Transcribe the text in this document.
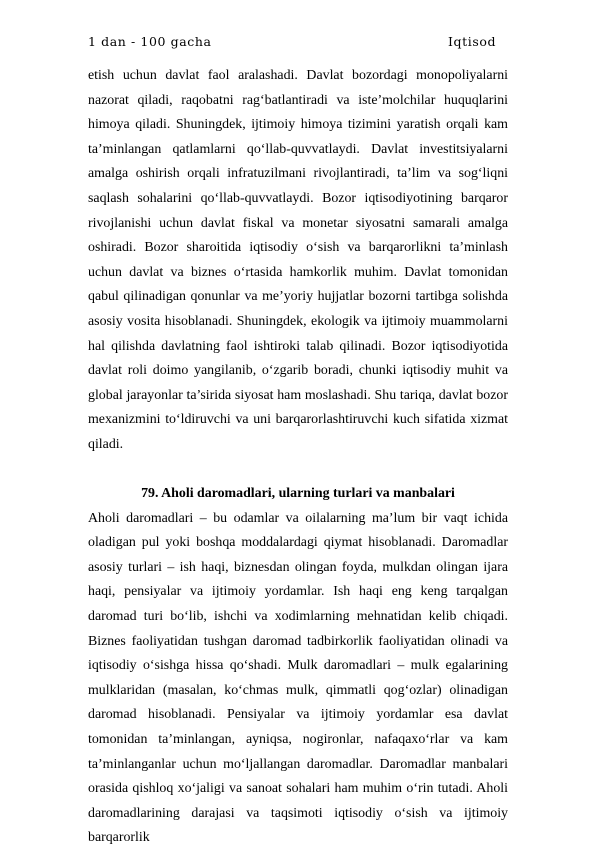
1 dan - 100 gacha	Iqtisod

etish uchun davlat faol aralashadi. Davlat bozordagi monopoliyalarni nazorat qiladi, raqobatni rag‘batlantiradi va iste’molchilar huquqlarini himoya qiladi. Shuningdek, ijtimoiy himoya tizimini yaratish orqali kam ta’minlangan qatlamlarni qo‘llab-quvvatlaydi. Davlat investitsiyalarni amalga oshirish orqali infratuzilmani rivojlantiradi, ta’lim va sog‘liqni saqlash sohalarini qo‘llab-quvvatlaydi. Bozor iqtisodiyotining barqaror rivojlanishi uchun davlat fiskal va monetar siyosatni samarali amalga oshiradi. Bozor sharoitida iqtisodiy o‘sish va barqarorlikni ta’minlash uchun davlat va biznes o‘rtasida hamkorlik muhim. Davlat tomonidan qabul qilinadigan qonunlar va me’yoriy hujjatlar bozorni tartibga solishda asosiy vosita hisoblanadi. Shuningdek, ekologik va ijtimoiy muammolarni hal qilishda davlatning faol ishtiroki talab qilinadi. Bozor iqtisodiyotida davlat roli doimo yangilanib, o‘zgarib boradi, chunki iqtisodiy muhit va global jarayonlar ta’sirida siyosat ham moslashadi. Shu tariqa, davlat bozor mexanizmini to‘ldiruvchi va uni barqarorlashtiruvchi kuch sifatida xizmat qiladi.

79. Aholi daromadlari, ularning turlari va manbalari

Aholi daromadlari – bu odamlar va oilalarning ma’lum bir vaqt ichida oladigan pul yoki boshqa moddalardagi qiymat hisoblanadi. Daromadlar asosiy turlari – ish haqi, biznesdan olingan foyda, mulkdan olingan ijara haqi, pensiyalar va ijtimoiy yordamlar. Ish haqi eng keng tarqalgan daromad turi bo‘lib, ishchi va xodimlarning mehnatidan kelib chiqadi. Biznes faoliyatidan tushgan daromad tadbirkorlik faoliyatidan olinadi va iqtisodiy o‘sishga hissa qo‘shadi. Mulk daromadlari – mulk egalarining mulklaridan (masalan, ko‘chmas mulk, qimmatli qog‘ozlar) olinadigan daromad hisoblanadi. Pensiyalar va ijtimoiy yordamlar esa davlat tomonidan ta’minlangan, ayniqsa, nogironlar, nafaqaxo‘rlar va kam ta’minlanganlar uchun mo‘ljallangan daromadlar. Daromadlar manbalari orasida qishloq xo‘jaligi va sanoat sohalari ham muhim o‘rin tutadi. Aholi daromadlarining darajasi va taqsimoti iqtisodiy o‘sish va ijtimoiy barqarorlik
